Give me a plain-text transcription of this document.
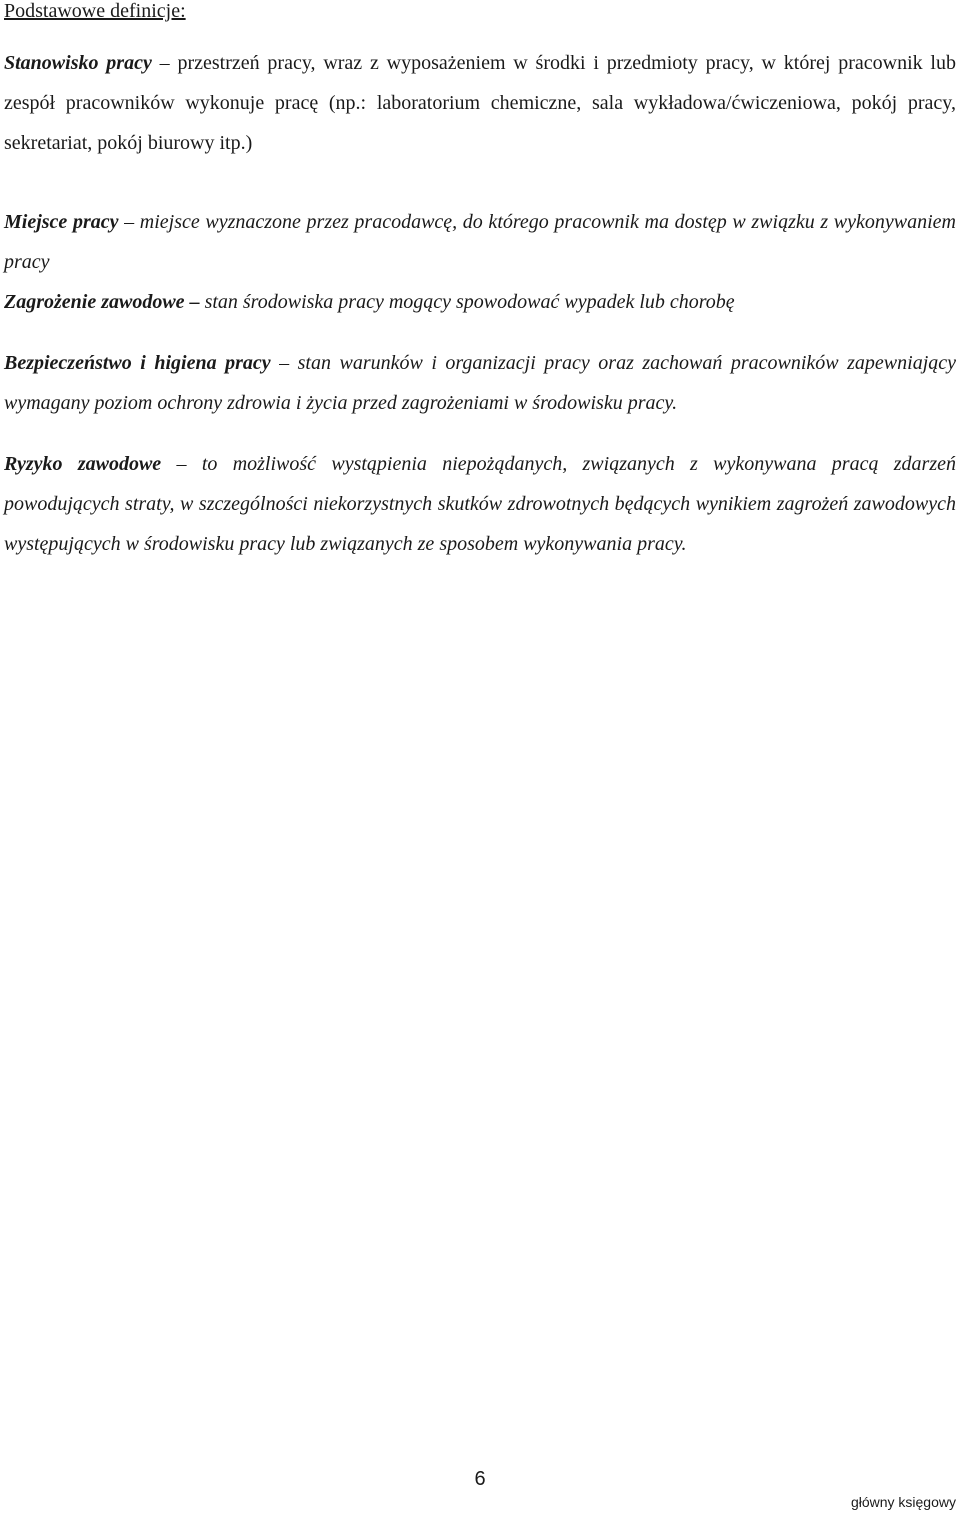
Podstawowe definicje:

Stanowisko pracy – przestrzeń pracy, wraz z wyposażeniem w środki i przedmioty pracy, w której pracownik lub zespół pracowników wykonuje pracę (np.: laboratorium chemiczne, sala wykładowa/ćwiczeniowa, pokój pracy, sekretariat, pokój biurowy itp.)

Miejsce pracy – miejsce wyznaczone przez pracodawcę, do którego pracownik ma dostęp w związku z wykonywaniem pracy

Zagrożenie zawodowe – stan środowiska pracy mogący spowodować wypadek lub chorobę

Bezpieczeństwo i higiena pracy – stan warunków i organizacji pracy oraz zachowań pracowników zapewniający wymagany poziom ochrony zdrowia i życia przed zagrożeniami w środowisku pracy.

Ryzyko zawodowe – to możliwość wystąpienia niepożądanych, związanych z wykonywana pracą zdarzeń powodujących straty, w szczególności niekorzystnych skutków zdrowotnych będących wynikiem zagrożeń zawodowych występujących w środowisku pracy lub związanych ze sposobem wykonywania pracy.

6
główny księgowy
